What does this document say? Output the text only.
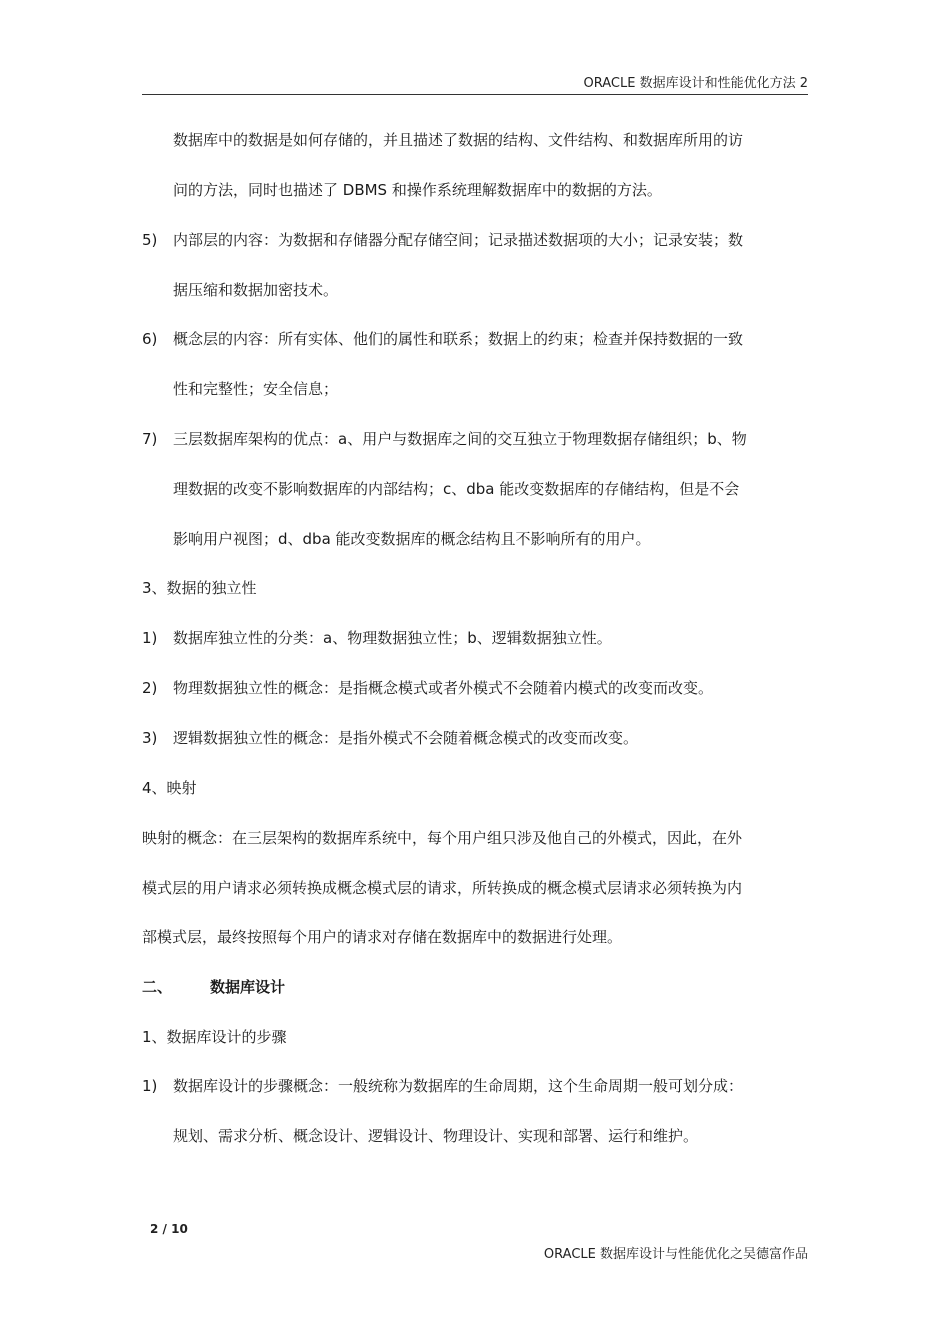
ORACLE 数据库设计和性能优化方法 2
数据库中的数据是如何存储的，并且描述了数据的结构、文件结构、和数据库所用的访
问的方法，同时也描述了 DBMS 和操作系统理解数据库中的数据的方法。
5) 内部层的内容：为数据和存储器分配存储空间；记录描述数据项的大小；记录安装；数
据压缩和数据加密技术。
6) 概念层的内容：所有实体、他们的属性和联系；数据上的约束；检查并保持数据的一致
性和完整性；安全信息；
7) 三层数据库架构的优点：a、用户与数据库之间的交互独立于物理数据存储组织；b、物
理数据的改变不影响数据库的内部结构；c、dba 能改变数据库的存储结构，但是不会
影响用户视图；d、dba 能改变数据库的概念结构且不影响所有的用户。
3、数据的独立性
1) 数据库独立性的分类：a、物理数据独立性；b、逻辑数据独立性。
2) 物理数据独立性的概念：是指概念模式或者外模式不会随着内模式的改变而改变。
3) 逻辑数据独立性的概念：是指外模式不会随着概念模式的改变而改变。
4、映射
映射的概念：在三层架构的数据库系统中，每个用户组只涉及他自己的外模式，因此，在外
模式层的用户请求必须转换成概念模式层的请求，所转换成的概念模式层请求必须转换为内
部模式层，最终按照每个用户的请求对存储在数据库中的数据进行处理。
二、	数据库设计
1、数据库设计的步骤
1) 数据库设计的步骤概念：一般统称为数据库的生命周期，这个生命周期一般可划分成：
规划、需求分析、概念设计、逻辑设计、物理设计、实现和部署、运行和维护。
2 / 10
ORACLE 数据库设计与性能优化之吴德富作品
